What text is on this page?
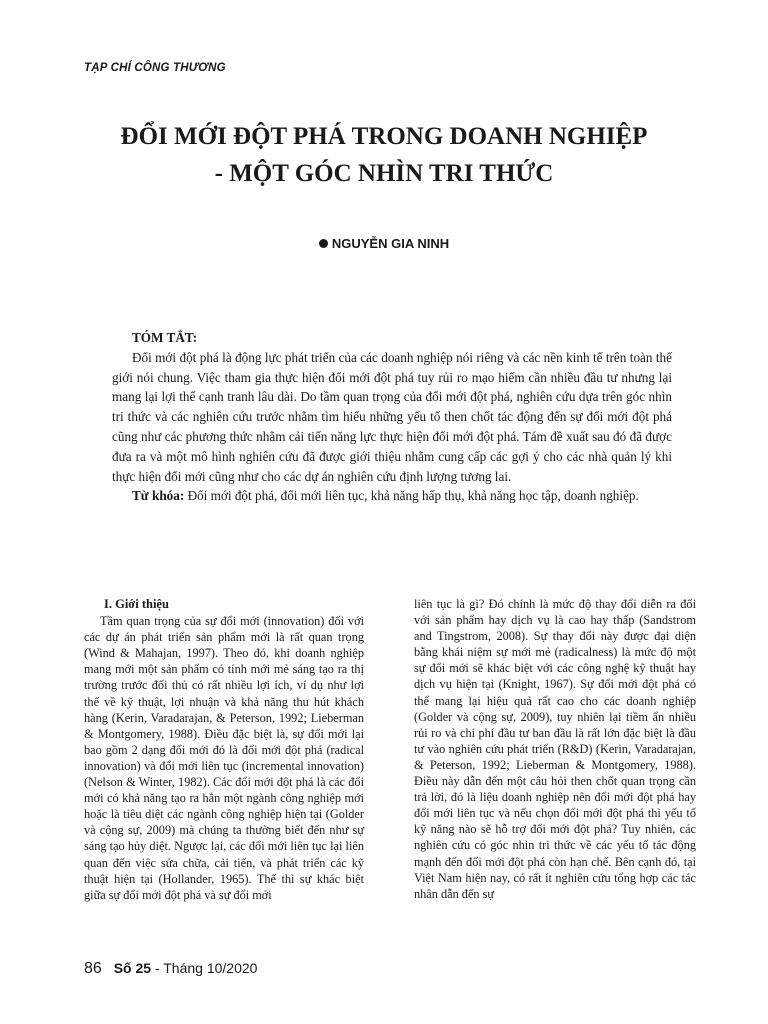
TẠP CHÍ CÔNG THƯƠNG
ĐỔI MỚI ĐỘT PHÁ TRONG DOANH NGHIỆP
- MỘT GÓC NHÌN TRI THỨC
NGUYỄN GIA NINH
TÓM TẮT:

Đổi mới đột phá là động lực phát triển của các doanh nghiệp nói riêng và các nền kinh tế trên toàn thế giới nói chung. Việc tham gia thực hiện đổi mới đột phá tuy rủi ro mạo hiểm cần nhiều đầu tư nhưng lại mang lại lợi thế cạnh tranh lâu dài. Do tầm quan trọng của đổi mới đột phá, nghiên cứu dựa trên góc nhìn tri thức và các nghiên cứu trước nhằm tìm hiểu những yếu tố then chốt tác động đến sự đổi mới đột phá cũng như các phương thức nhằm cải tiến năng lực thực hiện đổi mới đột phá. Tám đề xuất sau đó đã được đưa ra và một mô hình nghiên cứu đã được giới thiệu nhằm cung cấp các gợi ý cho các nhà quản lý khi thực hiện đổi mới cũng như cho các dự án nghiên cứu định lượng tương lai.

Từ khóa: Đổi mới đột phá, đổi mới liên tục, khả năng hấp thụ, khả năng học tập, doanh nghiệp.

I. Giới thiệu

Tầm quan trọng của sự đổi mới (innovation) đối với các dự án phát triển sản phẩm mới là rất quan trọng (Wind & Mahajan, 1997). Theo đó, khi doanh nghiệp mang mới một sản phẩm có tính mới mẻ sáng tạo ra thị trường trước đối thủ có rất nhiều lợi ích, ví dụ như lợi thế về kỹ thuật, lợi nhuận và khả năng thu hút khách hàng (Kerin, Varadarajan, & Peterson, 1992; Lieberman & Montgomery, 1988). Điều đặc biệt là, sự đổi mới lại bao gồm 2 dạng đổi mới đó là đổi mới đột phá (radical innovation) và đổi mới liên tục (incremental innovation) (Nelson & Winter, 1982). Các đổi mới đột phá là các đổi mới có khả năng tạo ra hẳn một ngành công nghiệp mới hoặc là tiêu diệt các ngành công nghiệp hiện tại (Golder và cộng sự, 2009) mà chúng ta thường biết đến như sự sáng tạo hủy diệt. Ngược lại, các đổi mới liên tục lại liên quan đến việc sửa chữa, cải tiến, và phát triển các kỹ thuật hiện tại (Hollander, 1965). Thế thì sự khác biệt giữa sự đổi mới đột phá và sự đổi mới

liên tục là gì? Đó chính là mức độ thay đổi diễn ra đối với sản phẩm hay dịch vụ là cao hay thấp (Sandstrom and Tingstrom, 2008). Sự thay đổi này được đại diện bằng khái niệm sự mới mẻ (radicalness) là mức độ một sự đổi mới sẽ khác biệt với các công nghệ kỹ thuật hay dịch vụ hiện tại (Knight, 1967). Sự đổi mới đột phá có thể mang lại hiệu quả rất cao cho các doanh nghiệp (Golder và cộng sự, 2009), tuy nhiên lại tiềm ẩn nhiều rủi ro và chi phí đầu tư ban đầu là rất lớn đặc biệt là đầu tư vào nghiên cứu phát triển (R&D) (Kerin, Varadarajan, & Peterson, 1992; Lieberman & Montgomery, 1988). Điều này dẫn đến một câu hỏi then chốt quan trọng cần trả lời, đó là liệu doanh nghiệp nên đổi mới đột phá hay đổi mới liên tục và nếu chọn đổi mới đột phá thì yếu tố kỹ năng nào sẽ hỗ trợ đổi mới đột phá? Tuy nhiên, các nghiên cứu có góc nhìn tri thức về các yếu tố tác động mạnh đến đổi mới đột phá còn hạn chế. Bên cạnh đó, tại Việt Nam hiện nay, có rất ít nghiên cứu tổng hợp các tác nhân dẫn đến sự

86 Số 25 - Tháng 10/2020
